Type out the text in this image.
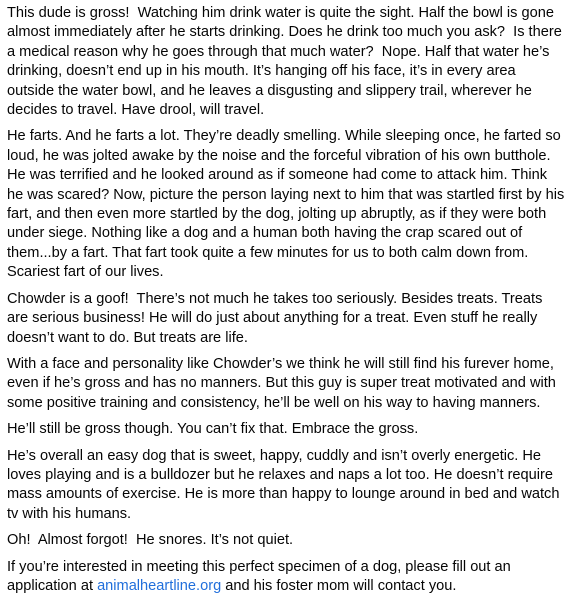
This dude is gross!  Watching him drink water is quite the sight. Half the bowl is gone almost immediately after he starts drinking. Does he drink too much you ask?  Is there a medical reason why he goes through that much water?  Nope. Half that water he’s drinking, doesn’t end up in his mouth. It’s hanging off his face, it’s in every area outside the water bowl, and he leaves a disgusting and slippery trail, wherever he decides to travel. Have drool, will travel.

He farts. And he farts a lot. They’re deadly smelling. While sleeping once, he farted so loud, he was jolted awake by the noise and the forceful vibration of his own butthole. He was terrified and he looked around as if someone had come to attack him. Think he was scared? Now, picture the person laying next to him that was startled first by his fart, and then even more startled by the dog, jolting up abruptly, as if they were both under siege. Nothing like a dog and a human both having the crap scared out of them...by a fart. That fart took quite a few minutes for us to both calm down from. Scariest fart of our lives.

Chowder is a goof!  There’s not much he takes too seriously. Besides treats. Treats are serious business! He will do just about anything for a treat. Even stuff he really doesn’t want to do. But treats are life.

With a face and personality like Chowder’s we think he will still find his furever home, even if he’s gross and has no manners. But this guy is super treat motivated and with some positive training and consistency, he’ll be well on his way to having manners.

He’ll still be gross though. You can’t fix that. Embrace the gross.

He’s overall an easy dog that is sweet, happy, cuddly and isn’t overly energetic. He loves playing and is a bulldozer but he relaxes and naps a lot too. He doesn’t require mass amounts of exercise. He is more than happy to lounge around in bed and watch tv with his humans.

Oh!  Almost forgot!  He snores. It’s not quiet.

If you’re interested in meeting this perfect specimen of a dog, please fill out an application at animalheartline.org and his foster mom will contact you.
